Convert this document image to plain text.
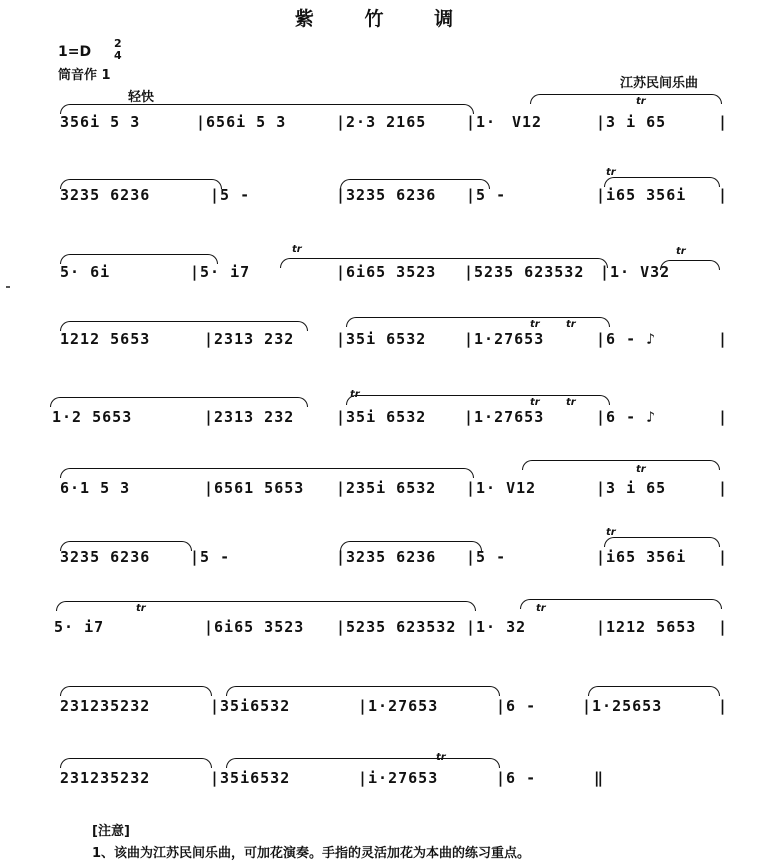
紫 竹 调
1=D
2
4
筒音作 1
轻快
江苏民间乐曲
tr
356i 5 3	|656i 5 3	|2·3 2165	|1· V12	|3 i 65	|
tr
3235 6236	|5 -	|3235 6236 |5 -	|i65 356i |
tr	tr
5· 6i	|5· i7	|6i65 3523 |5235 623532 |1· V32
tr	tr
1212 5653	|2313 232	|35i 6532	|1·27653	|6 - ♪	|
tr
tr	tr
1·2 5653	|2313 232	|35i 6532	|1·27653	|6 - ♪	|
tr
6·1 5 3	|6561 5653 |235i 6532 |1· V12	|3 i 65	|
tr
3235 6236	|5 -	|3235 6236 |5 -	|i65 356i |
tr	tr
5· i7	|6i65 3523 |5235 623532 |1· 32	|1212 5653 |
231235232	|35i6532	|1·27653	|6 -	|1·25653	|
tr
231235232	|35i6532	|i·27653	|6 -	‖
[注意]
1、该曲为江苏民间乐曲，可加花演奏。手指的灵活加花为本曲的练习重点。
